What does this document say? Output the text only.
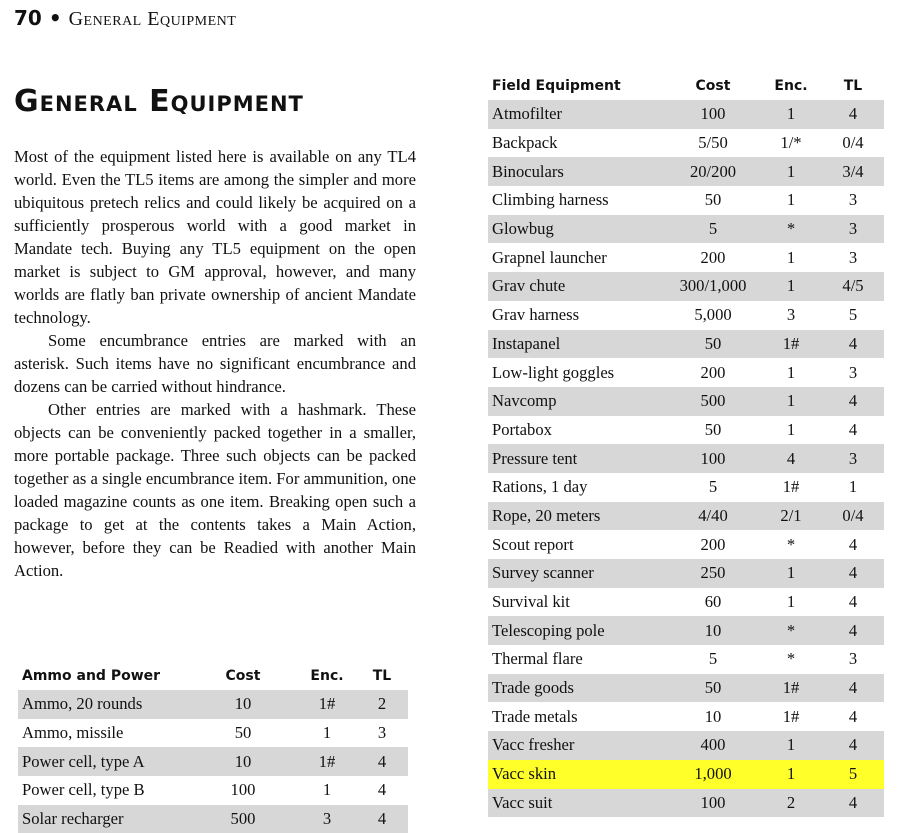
70 • General Equipment
General Equipment

Most of the equipment listed here is available on any TL4 world. Even the TL5 items are among the simpler and more ubiquitous pretech relics and could likely be acquired on a sufficiently prosperous world with a good market in Mandate tech. Buying any TL5 equipment on the open market is subject to GM approval, however, and many worlds are flatly ban private ownership of ancient Mandate technology.

Some encumbrance entries are marked with an asterisk. Such items have no significant encumbrance and dozens can be carried without hindrance.

Other entries are marked with a hashmark. These objects can be conveniently packed together in a smaller, more portable package. Three such objects can be packed together as a single encumbrance item. For ammunition, one loaded magazine counts as one item. Breaking open such a package to get at the contents takes a Main Action, however, before they can be Readied with another Main Action.

Field Equipment	Cost	Enc.	TL
Atmofilter	100	1	4
Backpack	5/50	1/*	0/4
Binoculars	20/200	1	3/4
Climbing harness	50	1	3
Glowbug	5	*	3
Grapnel launcher	200	1	3
Grav chute	300/1,000	1	4/5
Grav harness	5,000	3	5
Instapanel	50	1#	4
Low-light goggles	200	1	3
Navcomp	500	1	4
Portabox	50	1	4
Pressure tent	100	4	3
Rations, 1 day	5	1#	1
Rope, 20 meters	4/40	2/1	0/4
Scout report	200	*	4
Survey scanner	250	1	4
Survival kit	60	1	4
Telescoping pole	10	*	4
Thermal flare	5	*	3
Trade goods	50	1#	4
Trade metals	10	1#	4
Vacc fresher	400	1	4
Vacc skin	1,000	1	5
Vacc suit	100	2	4
Ammo and Power	Cost	Enc.	TL
Ammo, 20 rounds	10	1#	2
Ammo, missile	50	1	3
Power cell, type A	10	1#	4
Power cell, type B	100	1	4
Solar recharger	500	3	4
